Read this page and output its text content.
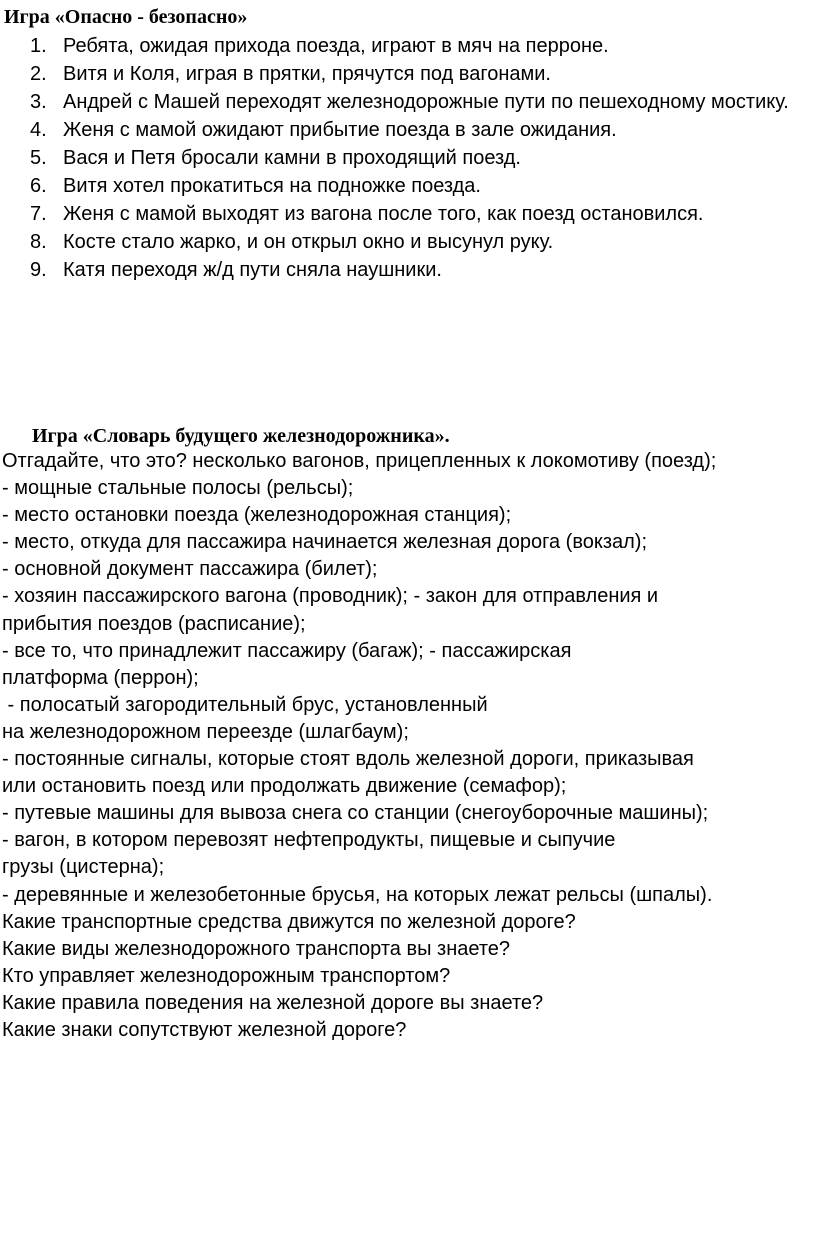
Игра «Опасно - безопасно»
1. Ребята, ожидая прихода поезда, играют в мяч на перроне.
2. Витя и Коля, играя в прятки, прячутся под вагонами.
3. Андрей с Машей переходят железнодорожные пути по пешеходному мостику.
4. Женя с мамой ожидают прибытие поезда в зале ожидания.
5. Вася и Петя бросали камни в проходящий поезд.
6. Витя хотел прокатиться на подножке поезда.
7. Женя с мамой выходят из вагона после того, как поезд остановился.
8. Косте стало жарко, и он открыл окно и высунул руку.
9. Катя переходя ж/д пути сняла наушники.
Игра «Словарь будущего железнодорожника».
Отгадайте, что это? несколько вагонов, прицепленных к локомотиву (поезд);
- мощные стальные полосы (рельсы);
- место остановки поезда (железнодорожная станция);
- место, откуда для пассажира начинается железная дорога (вокзал);
- основной документ пассажира (билет);
- хозяин пассажирского вагона (проводник); - закон для отправления и
прибытия поездов (расписание);
- все то, что принадлежит пассажиру (багаж); - пассажирская
платформа (перрон);
- полосатый загородительный брус, установленный
на железнодорожном переезде (шлагбаум);
- постоянные сигналы, которые стоят вдоль железной дороги, приказывая
или остановить поезд или продолжать движение (семафор);
- путевые машины для вывоза снега со станции (снегоуборочные машины);
- вагон, в котором перевозят нефтепродукты, пищевые и сыпучие
грузы (цистерна);
- деревянные и железобетонные брусья, на которых лежат рельсы (шпалы).
Какие транспортные средства движутся по железной дороге?
Какие виды железнодорожного транспорта вы знаете?
Кто управляет железнодорожным транспортом?
Какие правила поведения на железной дороге вы знаете?
Какие знаки сопутствуют железной дороге?
